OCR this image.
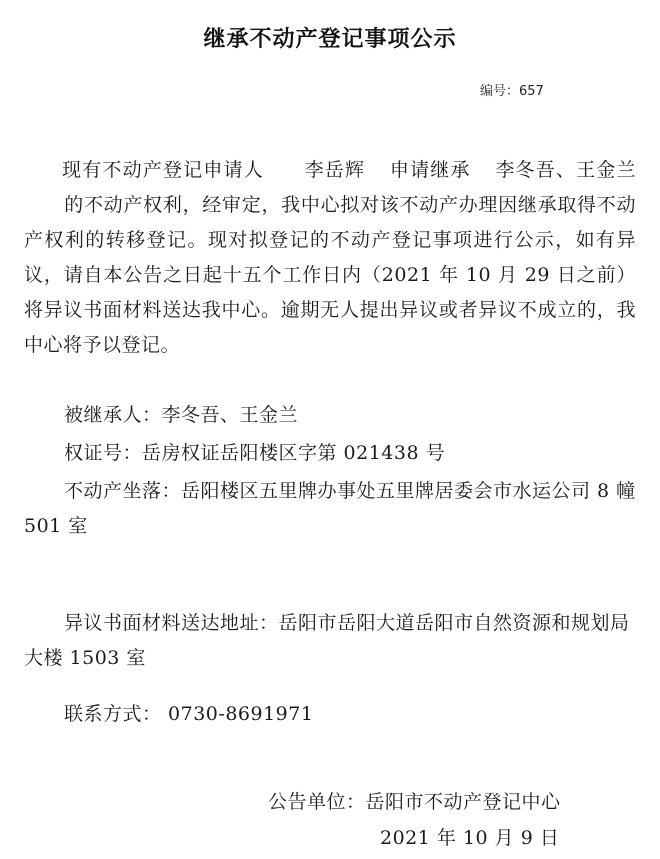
继承不动产登记事项公示
编号：657
现有不动产登记申请人 李岳辉 申请继承 李冬吾、王金兰的不动产权利，经审定，我中心拟对该不动产办理因继承取得不动产权利的转移登记。现对拟登记的不动产登记事项进行公示，如有异议，请自本公告之日起十五个工作日内（2021 年 10 月 29 日之前）将异议书面材料送达我中心。逾期无人提出异议或者异议不成立的，我中心将予以登记。
被继承人：李冬吾、王金兰
权证号：岳房权证岳阳楼区字第 021438 号
不动产坐落：岳阳楼区五里牌办事处五里牌居委会市水运公司 8 幢 501 室
异议书面材料送达地址：岳阳市岳阳大道岳阳市自然资源和规划局大楼 1503 室
联系方式： 0730-8691971
公告单位：岳阳市不动产登记中心
2021 年 10 月 9 日
